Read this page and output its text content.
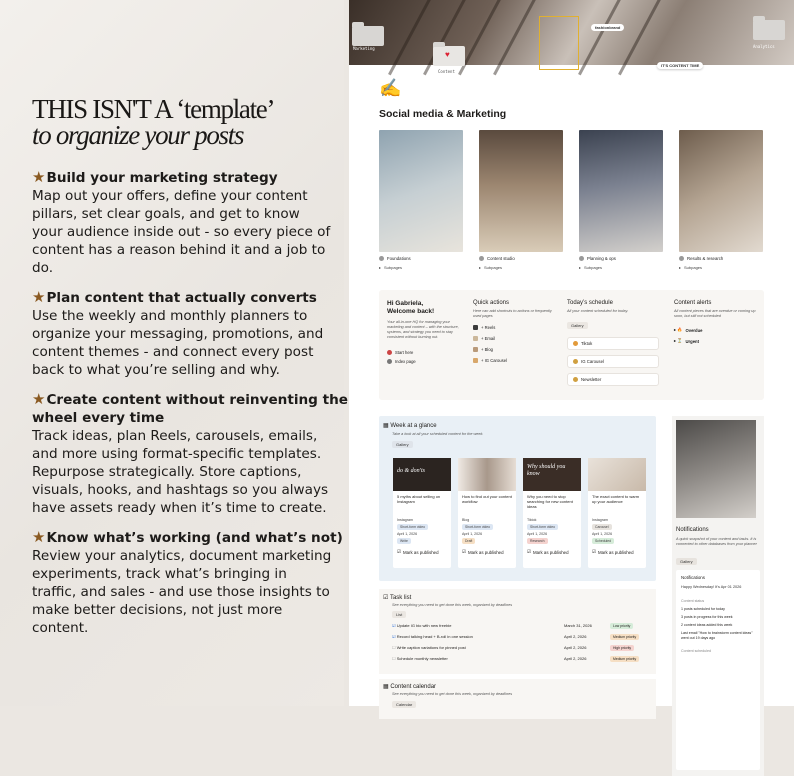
THIS ISN'T A ‘template’
to organize your posts
★Build your marketing strategy
Map out your offers, define your content pillars, set clear goals, and get to know your audience inside out - so every piece of content has a reason behind it and a job to do.
★Plan content that actually converts
Use the weekly and monthly planners to organize your messaging, promotions, and content themes - and connect every post back to what you’re selling and why.
★Create content without reinventing the
wheel every time
Track ideas, plan Reels, carousels, emails, and more using format-specific templates. Repurpose strategically. Store captions, visuals, hooks, and hashtags so you always have assets ready when it’s time to create.
★Know what’s working (and what’s not)
Review your analytics, document marketing experiments, track what’s bringing in traffic, and sales - and use those insights to make better decisions, not just more content.
Marketing
♥
Content
Analytics
fashionbrand
IT'S CONTENT TIME
✍
Social media & Marketing
Foundations
▸ Subpages
Content studio
▸ Subpages
Planning & ops
▸ Subpages
Results & research
▸ Subpages
Hi Gabriela,
Welcome back!
Your all-in-one HQ for managing your marketing and content – with the structure, systems, and strategy you need to stay consistent without burning out.
Start here
Index page
Quick actions
Here can add shortcuts to actions or frequently used pages
+ Reels
+ Email
+ Blog
+ IG Carousel
Today’s schedule
All your content scheduled for today.
Gallery
Tiktok
IG Carousel
Newsletter
Content alerts
All content pieces that are overdue or coming up soon, but still not scheduled
▸ 🔥 Overdue
▸ ⏳ Urgent
▦ Week at a glance
Take a look at all your scheduled content for the week.
Gallery
do & don'ts
5 myths about selling on Instagram
Instagram
Short-form video
April 1, 2026
Write
☑ Mark as published
How to find out your content workflow
Blog
Short-form video
April 1, 2026
Draft
☑ Mark as published
Why should you know
Why you need to stop searching for new content ideas
Tiktok
Short-form video
April 1, 2026
Research
☑ Mark as published
The exact content to warm up your audience
Instagram
Carousel
April 1, 2026
Scheduled
☑ Mark as published
Notifications
A quick snapshot of your content and tasks. It is connected to other databases from your planner
Gallery
Notifications
Happy Wednesday! It's Apr 01 2026
Content status
1 posts scheduled for today
3 posts in progress for this week
2 content ideas added this week
Last email "How to brainstorm content ideas" went out 19 days ago
Content scheduled
☑ Task list
See everything you need to get done this week, organized by deadlines
List
☑ Update IG bio with new freebie	March 31, 2026	Low priority
☑ Record talking head + B-roll in one session	April 2, 2026	Medium priority
☐ Write caption variations for pinned post	April 2, 2026	High priority
☐ Schedule monthly newsletter	April 2, 2026	Medium priority
▦ Content calendar
See everything you need to get done this week, organized by deadlines
Calendar
